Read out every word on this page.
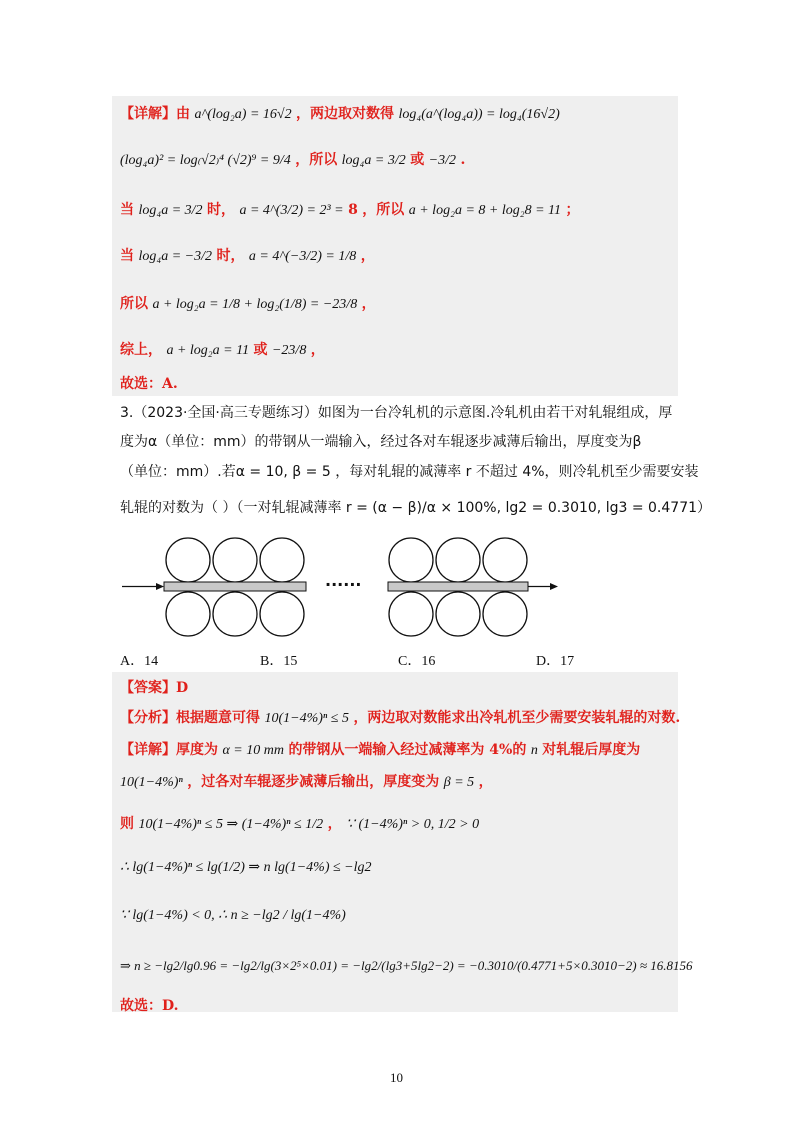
【详解】由 a^(log₂a) = 16√2 ，两边取对数得 log₄(a^(log₄a)) = log₄(16√2)
(log₄a)² = log₍√2₎⁴ (√2)⁹ = 9/4 ，所以 log₄a = 3/2 或 −3/2 .
当 log₄a = 3/2 时， a = 4^(3/2) = 2³ = 8 ，所以 a + log₂a = 8 + log₂8 = 11 ；
当 log₄a = −3/2 时， a = 4^(−3/2) = 1/8 ，
所以 a + log₂a = 1/8 + log₂(1/8) = −23/8 ，
综上， a + log₂a = 11 或 −23/8 ，
故选：A.
3.（2023·全国·高三专题练习）如图为一台冷轧机的示意图.冷轧机由若干对轧辊组成，厚
度为α（单位：mm）的带钢从一端输入，经过各对车辊逐步减薄后输出，厚度变为β
（单位：mm）.若α = 10, β = 5 ，每对轧辊的减薄率 r 不超过 4%，则冷轧机至少需要安装
轧辊的对数为（ ）（一对轧辊减薄率 r = (α − β)/α × 100%, lg2 = 0.3010, lg3 = 0.4771）
······
A．14	B．15	C．16	D．17
【答案】D
【分析】根据题意可得 10(1−4%)ⁿ ≤ 5 ，两边取对数能求出冷轧机至少需要安装轧辊的对数.
【详解】厚度为 α = 10 mm 的带钢从一端输入经过减薄率为 4%的 n 对轧辊后厚度为
10(1−4%)ⁿ ，过各对车辊逐步减薄后输出，厚度变为 β = 5 ，
则 10(1−4%)ⁿ ≤ 5 ⇒ (1−4%)ⁿ ≤ 1/2 ， ∵ (1−4%)ⁿ > 0, 1/2 > 0
∴ lg(1−4%)ⁿ ≤ lg(1/2) ⇒ n lg(1−4%) ≤ −lg2
∵ lg(1−4%) < 0, ∴ n ≥ −lg2 / lg(1−4%)
⇒ n ≥ −lg2/lg0.96 = −lg2/lg(3×2⁵×0.01) = −lg2/(lg3+5lg2−2) = −0.3010/(0.4771+5×0.3010−2) ≈ 16.8156
故选：D.
10
